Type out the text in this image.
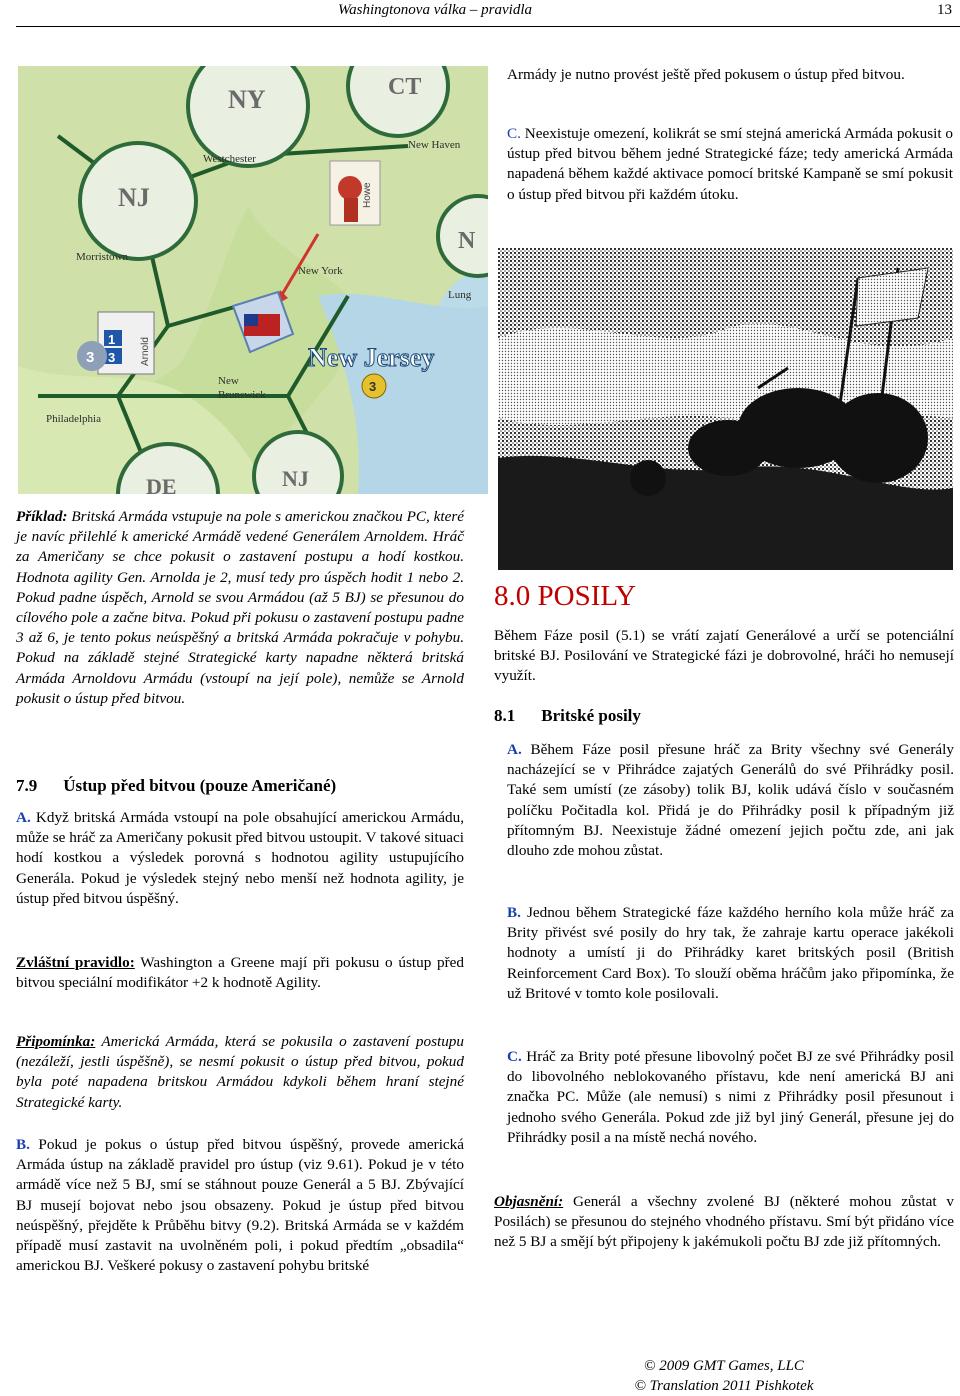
Washingtonova válka – pravidla	13
NY	CT
NJ
N
DE	NJ
Westchester
New Haven
Morristown
New York
Lung
New
Brunswick
Philadelphia
New Jersey
Howe
1
3 Arnold
3
3

Armády je nutno provést ještě před pokusem o ústup před bitvou.

C. Neexistuje omezení, kolikrát se smí stejná americká Armáda pokusit o ústup před bitvou během jedné Strategické fáze; tedy americká Armáda napadená během každé aktivace pomocí britské Kampaně se smí pokusit o ústup před bitvou při každém útoku.

Příklad: Britská Armáda vstupuje na pole s americkou značkou PC, které je navíc přilehlé k americké Armádě vedené Generálem Arnoldem. Hráč za Američany se chce pokusit o zastavení postupu a hodí kostkou. Hodnota agility Gen. Arnolda je 2, musí tedy pro úspěch hodit 1 nebo 2. Pokud padne úspěch, Arnold se svou Armádou (až 5 BJ) se přesunou do cílového pole a začne bitva. Pokud při pokusu o zastavení postupu padne 3 až 6, je tento pokus neúspěšný a britská Armáda pokračuje v pohybu. Pokud na základě stejné Strategické karty napadne některá britská Armáda Arnoldovu Armádu (vstoupí na její pole), nemůže se Arnold pokusit o ústup před bitvou.

7.9 Ústup před bitvou (pouze Američané)

A. Když britská Armáda vstoupí na pole obsahující americkou Armádu, může se hráč za Američany pokusit před bitvou ustoupit. V takové situaci hodí kostkou a výsledek porovná s hodnotou agility ustupujícího Generála. Pokud je výsledek stejný nebo menší než hodnota agility, je ústup před bitvou úspěšný.

Zvláštní pravidlo: Washington a Greene mají při pokusu o ústup před bitvou speciální modifikátor +2 k hodnotě Agility.

Připomínka: Americká Armáda, která se pokusila o zastavení postupu (nezáleží, jestli úspěšně), se nesmí pokusit o ústup před bitvou, pokud byla poté napadena britskou Armádou kdykoli během hraní stejné Strategické karty.

B. Pokud je pokus o ústup před bitvou úspěšný, provede americká Armáda ústup na základě pravidel pro ústup (viz 9.61). Pokud je v této armádě více než 5 BJ, smí se stáhnout pouze Generál a 5 BJ. Zbývající BJ musejí bojovat nebo jsou obsazeny. Pokud je ústup před bitvou neúspěšný, přejděte k Průběhu bitvy (9.2). Britská Armáda se v každém případě musí zastavit na uvolněném poli, i pokud předtím „obsadila“ americkou BJ. Veškeré pokusy o zastavení pohybu britské

8.0 POSILY

Během Fáze posil (5.1) se vrátí zajatí Generálové a určí se potenciální britské BJ. Posilování ve Strategické fázi je dobrovolné, hráči ho nemusejí využít.

8.1 Britské posily

A. Během Fáze posil přesune hráč za Brity všechny své Generály nacházející se v Přihrádce zajatých Generálů do své Přihrádky posil. Také sem umístí (ze zásoby) tolik BJ, kolik udává číslo v současném políčku Počitadla kol. Přidá je do Přihrádky posil k případným již přítomným BJ. Neexistuje žádné omezení jejich počtu zde, ani jak dlouho zde mohou zůstat.

B. Jednou během Strategické fáze každého herního kola může hráč za Brity přivést své posily do hry tak, že zahraje kartu operace jakékoli hodnoty a umístí ji do Přihrádky karet britských posil (British Reinforcement Card Box). To slouží oběma hráčům jako připomínka, že už Britové v tomto kole posilovali.

C. Hráč za Brity poté přesune libovolný počet BJ ze své Přihrádky posil do libovolného neblokovaného přístavu, kde není americká BJ ani značka PC. Může (ale nemusí) s nimi z Přihrádky posil přesunout i jednoho svého Generála. Pokud zde již byl jiný Generál, přesune jej do Přihrádky posil a na místě nechá nového.

Objasnění: Generál a všechny zvolené BJ (některé mohou zůstat v Posilách) se přesunou do stejného vhodného přístavu. Smí být přidáno více než 5 BJ a smějí být připojeny k jakémukoli počtu BJ zde již přítomných.

© 2009 GMT Games, LLC
© Translation 2011 Pishkotek
